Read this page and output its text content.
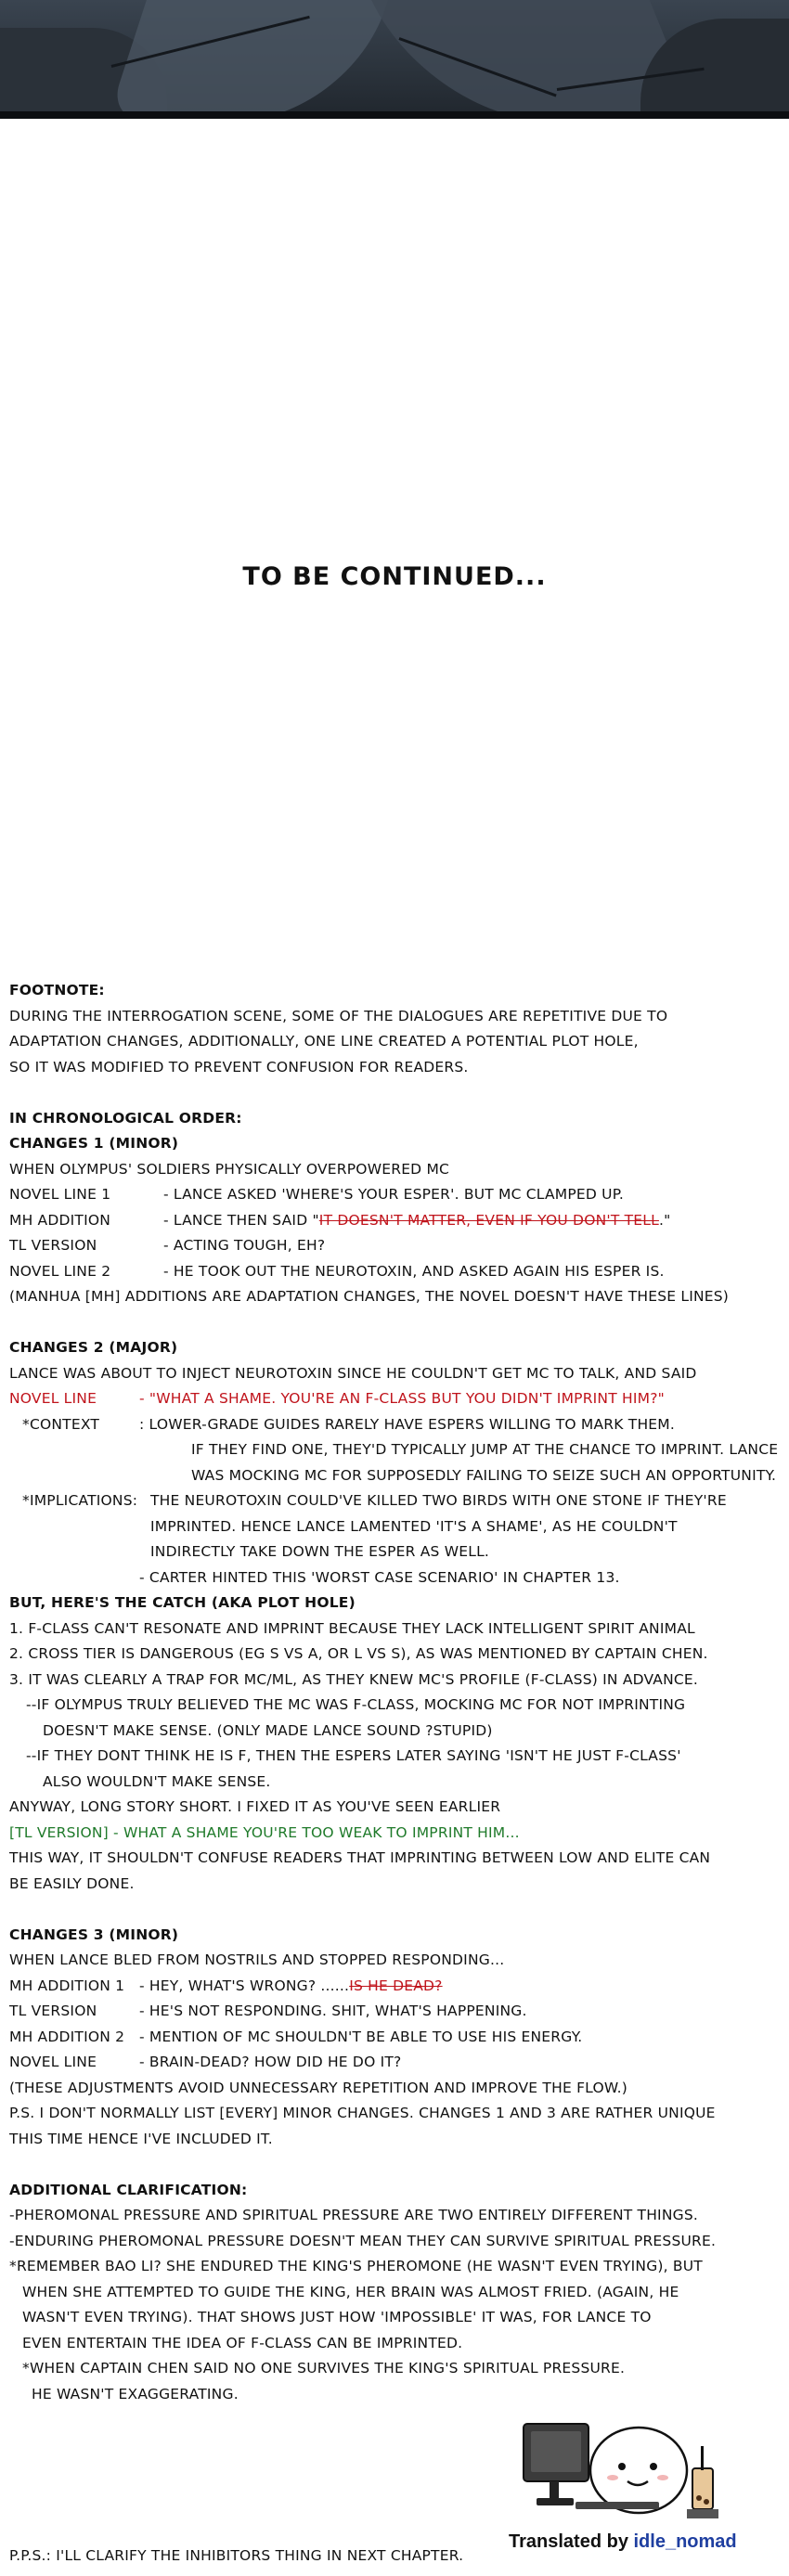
TO BE CONTINUED...

FOOTNOTE:

DURING THE INTERROGATION SCENE, SOME OF THE DIALOGUES ARE REPETITIVE DUE TO

ADAPTATION CHANGES, ADDITIONALLY, ONE LINE CREATED A POTENTIAL PLOT HOLE,

SO IT WAS MODIFIED TO PREVENT CONFUSION FOR READERS.

IN CHRONOLOGICAL ORDER:

CHANGES 1 (MINOR)

WHEN OLYMPUS' SOLDIERS PHYSICALLY OVERPOWERED MC

NOVEL LINE 1	- LANCE ASKED 'WHERE'S YOUR ESPER'. BUT MC CLAMPED UP.
MH ADDITION	- LANCE THEN SAID " IT DOESN'T MATTER, EVEN IF YOU DON'T TELL ."
TL VERSION	- ACTING TOUGH, EH?
NOVEL LINE 2	- HE TOOK OUT THE NEUROTOXIN, AND ASKED AGAIN HIS ESPER IS.

(MANHUA [MH] ADDITIONS ARE ADAPTATION CHANGES, THE NOVEL DOESN'T HAVE THESE LINES)

CHANGES 2 (MAJOR)

LANCE WAS ABOUT TO INJECT NEUROTOXIN SINCE HE COULDN'T GET MC TO TALK, AND SAID

NOVEL LINE	- "WHAT A SHAME. YOU'RE AN F-CLASS BUT YOU DIDN'T IMPRINT HIM?"
*CONTEXT	: LOWER-GRADE GUIDES RARELY HAVE ESPERS WILLING TO MARK THEM.

IF THEY FIND ONE, THEY'D TYPICALLY JUMP AT THE CHANCE TO IMPRINT. LANCE

WAS MOCKING MC FOR SUPPOSEDLY FAILING TO SEIZE SUCH AN OPPORTUNITY.

*IMPLICATIONS: THE NEUROTOXIN COULD'VE KILLED TWO BIRDS WITH ONE STONE IF THEY'RE

IMPRINTED. HENCE LANCE LAMENTED 'IT'S A SHAME', AS HE COULDN'T

INDIRECTLY TAKE DOWN THE ESPER AS WELL.

- CARTER HINTED THIS 'WORST CASE SCENARIO' IN CHAPTER 13.

BUT, HERE'S THE CATCH (AKA PLOT HOLE)

1. F-CLASS CAN'T RESONATE AND IMPRINT BECAUSE THEY LACK INTELLIGENT SPIRIT ANIMAL

2. CROSS TIER IS DANGEROUS (EG S VS A, OR L VS S), AS WAS MENTIONED BY CAPTAIN CHEN.

3. IT WAS CLEARLY A TRAP FOR MC/ML, AS THEY KNEW MC'S PROFILE (F-CLASS) IN ADVANCE.

--IF OLYMPUS TRULY BELIEVED THE MC WAS F-CLASS, MOCKING MC FOR NOT IMPRINTING

DOESN'T MAKE SENSE. (ONLY MADE LANCE SOUND ?STUPID)

--IF THEY DONT THINK HE IS F, THEN THE ESPERS LATER SAYING 'ISN'T HE JUST F-CLASS'

ALSO WOULDN'T MAKE SENSE.

ANYWAY, LONG STORY SHORT. I FIXED IT AS YOU'VE SEEN EARLIER

[TL VERSION] - WHAT A SHAME YOU'RE TOO WEAK TO IMPRINT HIM...

THIS WAY, IT SHOULDN'T CONFUSE READERS THAT IMPRINTING BETWEEN LOW AND ELITE CAN

BE EASILY DONE.

CHANGES 3 (MINOR)

WHEN LANCE BLED FROM NOSTRILS AND STOPPED RESPONDING...

MH ADDITION 1	- HEY, WHAT'S WRONG? ...... IS HE DEAD?
TL VERSION	- HE'S NOT RESPONDING. SHIT, WHAT'S HAPPENING.
MH ADDITION 2	- MENTION OF MC SHOULDN'T BE ABLE TO USE HIS ENERGY.
NOVEL LINE	- BRAIN-DEAD? HOW DID HE DO IT?

(THESE ADJUSTMENTS AVOID UNNECESSARY REPETITION AND IMPROVE THE FLOW.)

P.S. I DON'T NORMALLY LIST [EVERY] MINOR CHANGES. CHANGES 1 AND 3 ARE RATHER UNIQUE

THIS TIME HENCE I'VE INCLUDED IT.

ADDITIONAL CLARIFICATION:

-PHEROMONAL PRESSURE AND SPIRITUAL PRESSURE ARE TWO ENTIRELY DIFFERENT THINGS.

-ENDURING PHEROMONAL PRESSURE DOESN'T MEAN THEY CAN SURVIVE SPIRITUAL PRESSURE.

*REMEMBER BAO LI? SHE ENDURED THE KING'S PHEROMONE (HE WASN'T EVEN TRYING), BUT

WHEN SHE ATTEMPTED TO GUIDE THE KING, HER BRAIN WAS ALMOST FRIED. (AGAIN, HE

WASN'T EVEN TRYING). THAT SHOWS JUST HOW 'IMPOSSIBLE' IT WAS, FOR LANCE TO

EVEN ENTERTAIN THE IDEA OF F-CLASS CAN BE IMPRINTED.

*WHEN CAPTAIN CHEN SAID NO ONE SURVIVES THE KING'S SPIRITUAL PRESSURE.

HE WASN'T EXAGGERATING.

Translated by idle_nomad
P.P.S.: I'LL CLARIFY THE INHIBITORS THING IN NEXT CHAPTER.
